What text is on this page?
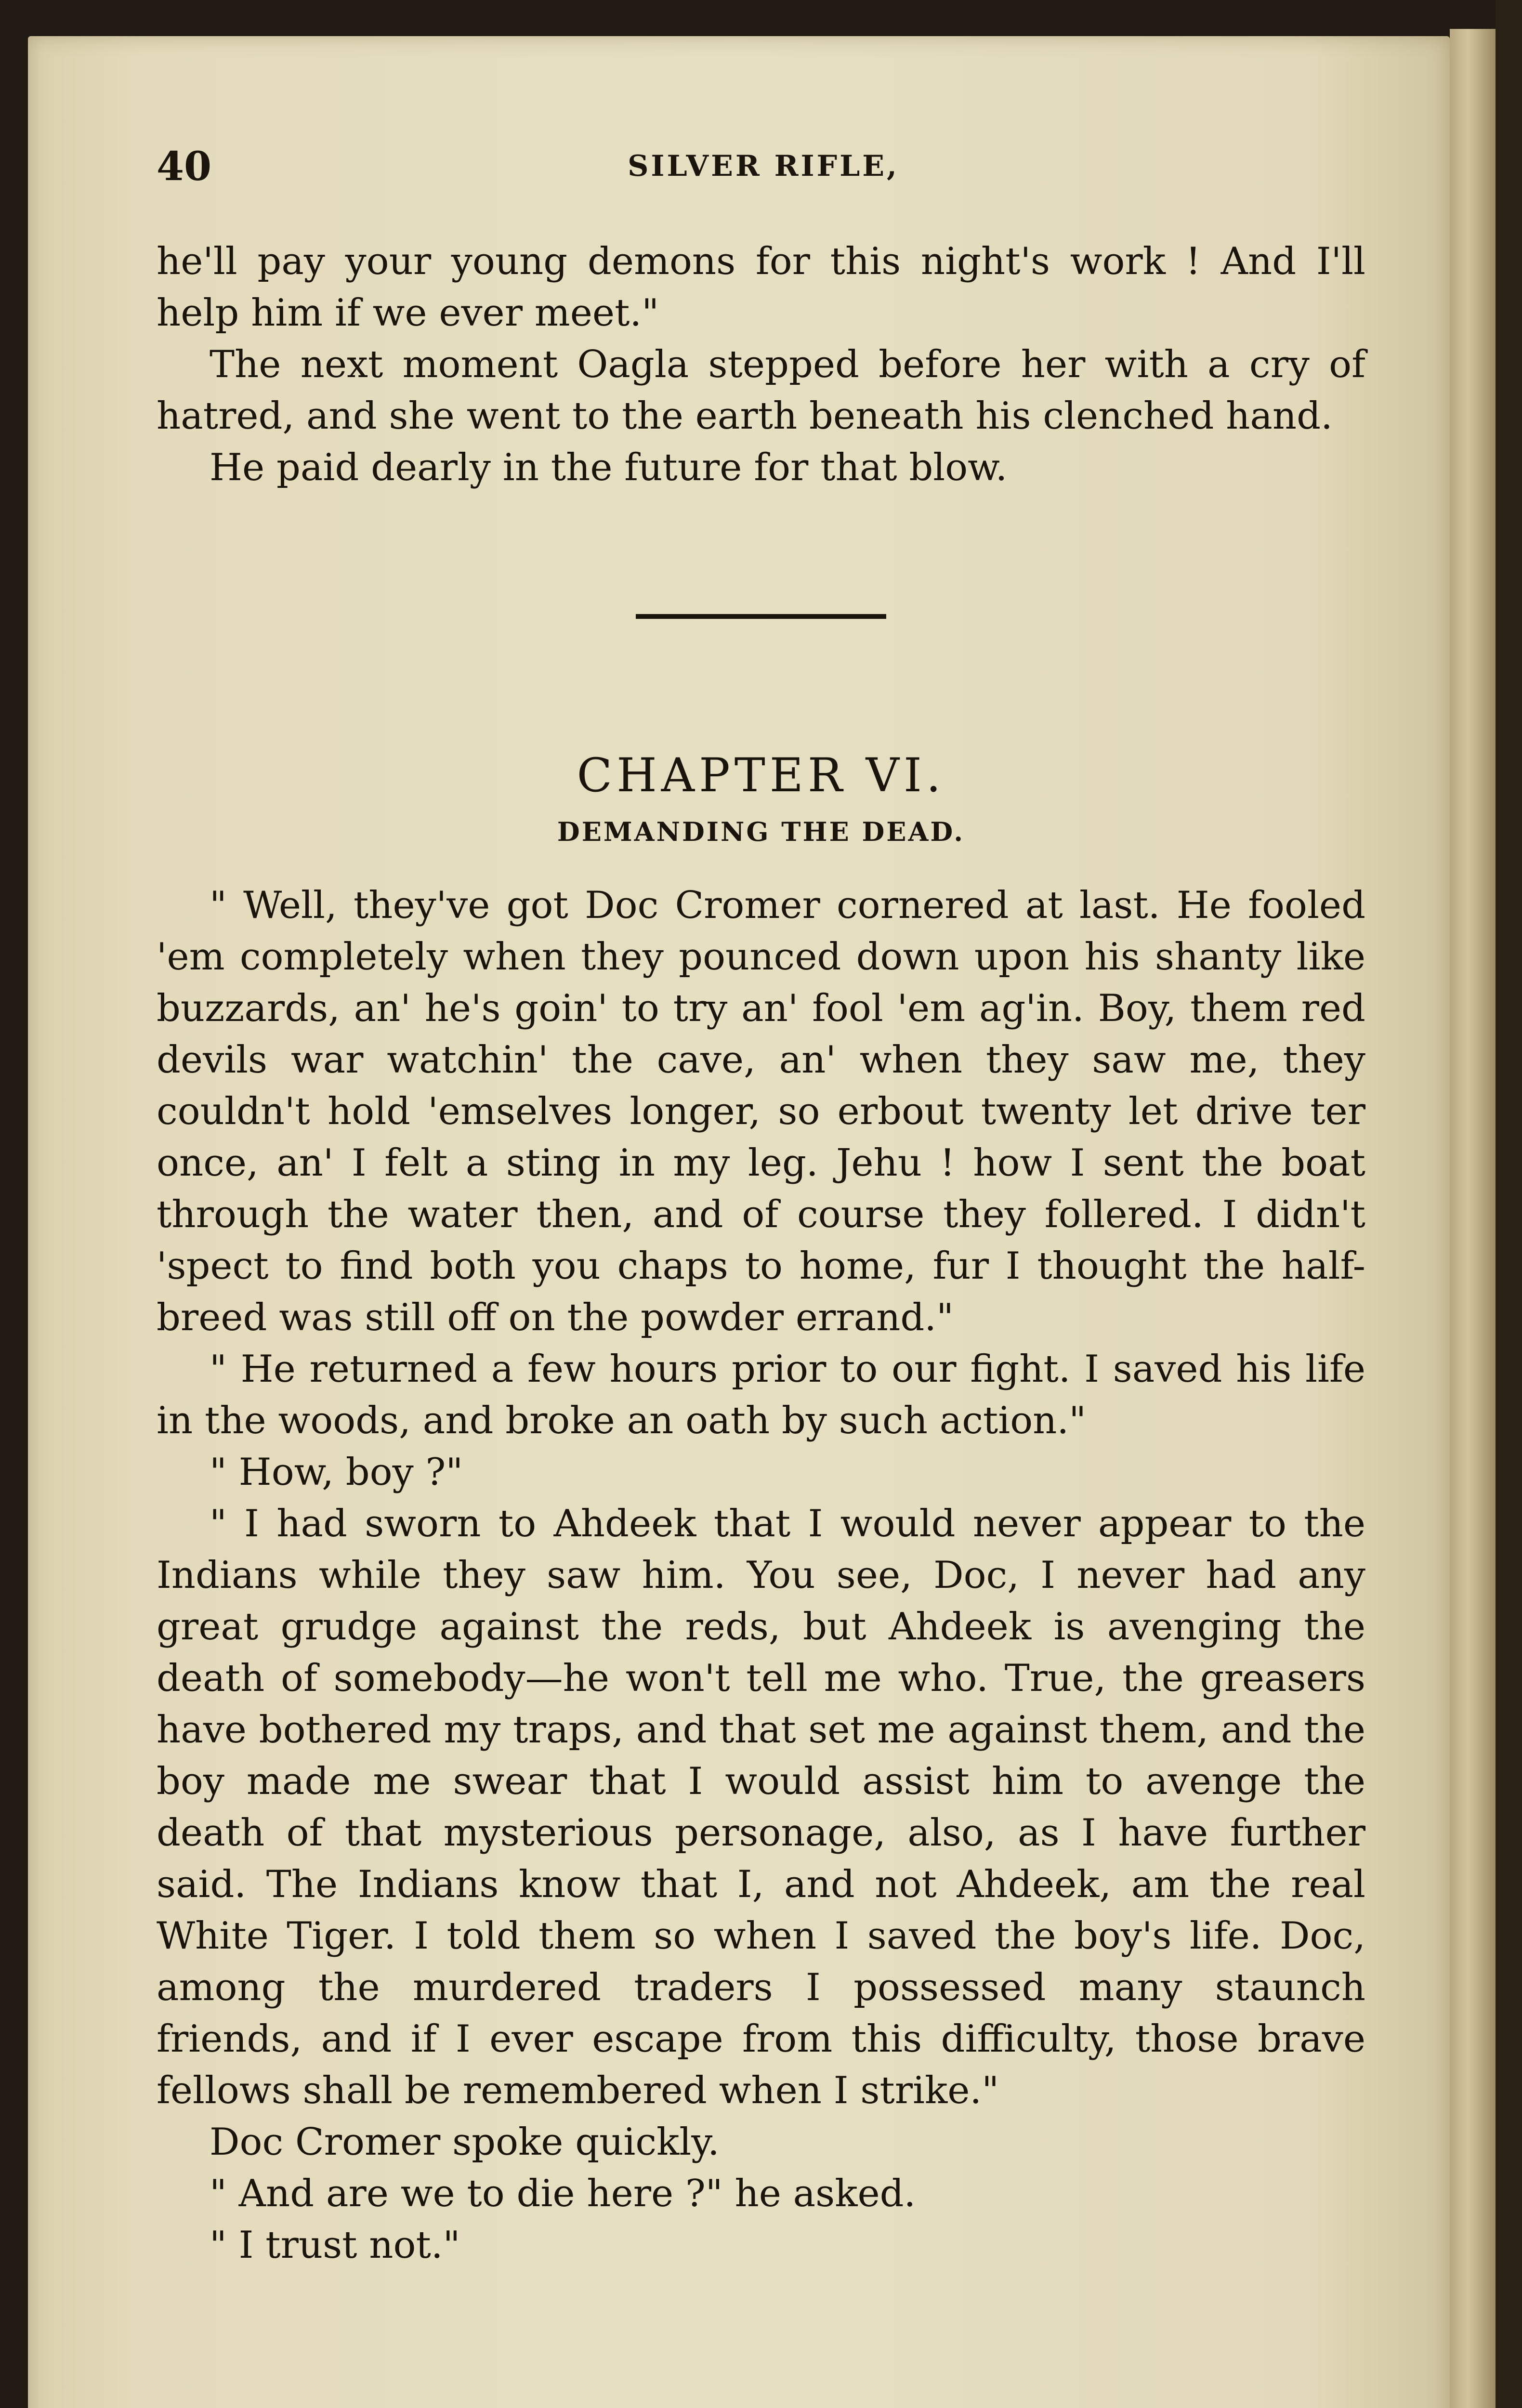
40	SILVER RIFLE,

he'll pay your young demons for this night's work ! And I'll help him if we ever meet."

The next moment Oagla stepped before her with a cry of hatred, and she went to the earth beneath his clenched hand.

He paid dearly in the future for that blow.

CHAPTER VI.
DEMANDING THE DEAD.

" Well, they've got Doc Cromer cornered at last. He fooled 'em completely when they pounced down upon his shanty like buzzards, an' he's goin' to try an' fool 'em ag'in. Boy, them red devils war watchin' the cave, an' when they saw me, they couldn't hold 'emselves longer, so erbout twenty let drive ter once, an' I felt a sting in my leg. Jehu ! how I sent the boat through the water then, and of course they follered. I didn't 'spect to find both you chaps to home, fur I thought the half-breed was still off on the powder errand."

" He returned a few hours prior to our fight. I saved his life in the woods, and broke an oath by such action."

" How, boy ?"

" I had sworn to Ahdeek that I would never appear to the Indians while they saw him. You see, Doc, I never had any great grudge against the reds, but Ahdeek is avenging the death of somebody—he won't tell me who. True, the greasers have bothered my traps, and that set me against them, and the boy made me swear that I would assist him to avenge the death of that mysterious personage, also, as I have further said. The Indians know that I, and not Ahdeek, am the real White Tiger. I told them so when I saved the boy's life. Doc, among the murdered traders I possessed many staunch friends, and if I ever escape from this difficulty, those brave fellows shall be remembered when I strike."

Doc Cromer spoke quickly.

" And are we to die here ?" he asked.

" I trust not."
